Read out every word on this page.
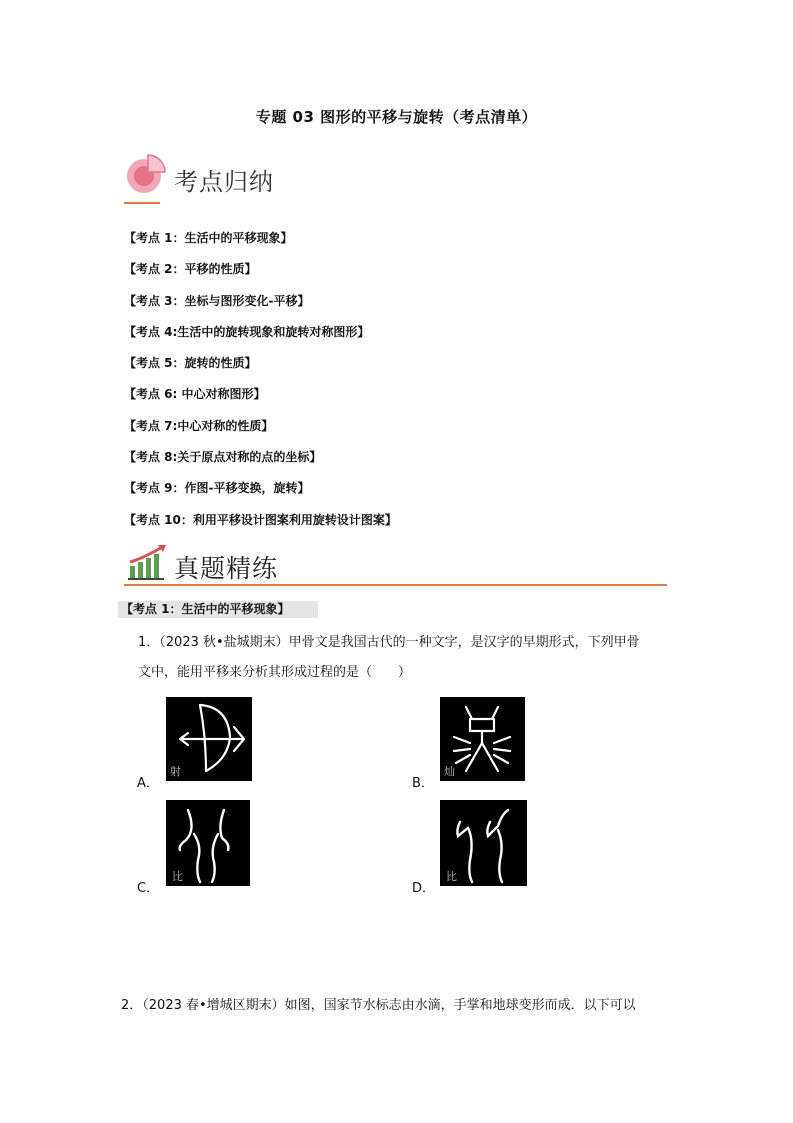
专题 03 图形的平移与旋转（考点清单）
考点归纳
【考点 1：生活中的平移现象】
【考点 2：平移的性质】
【考点 3：坐标与图形变化-平移】
【考点 4:生活中的旋转现象和旋转对称图形】
【考点 5：旋转的性质】
【考点 6: 中心对称图形】
【考点 7:中心对称的性质】
【考点 8:关于原点对称的点的坐标】
【考点 9：作图-平移变换，旋转】
【考点 10：利用平移设计图案利用旋转设计图案】
真题精练
【考点 1：生活中的平移现象】
1．（2023 秋•盐城期末）甲骨文是我国古代的一种文字，是汉字的早期形式，下列甲骨
文中，能用平移来分析其形成过程的是（　　）
A．
射
B．
灿
C．
比
D．
比
2．（2023 春•增城区期末）如图，国家节水标志由水滴，手掌和地球变形而成．以下可以
